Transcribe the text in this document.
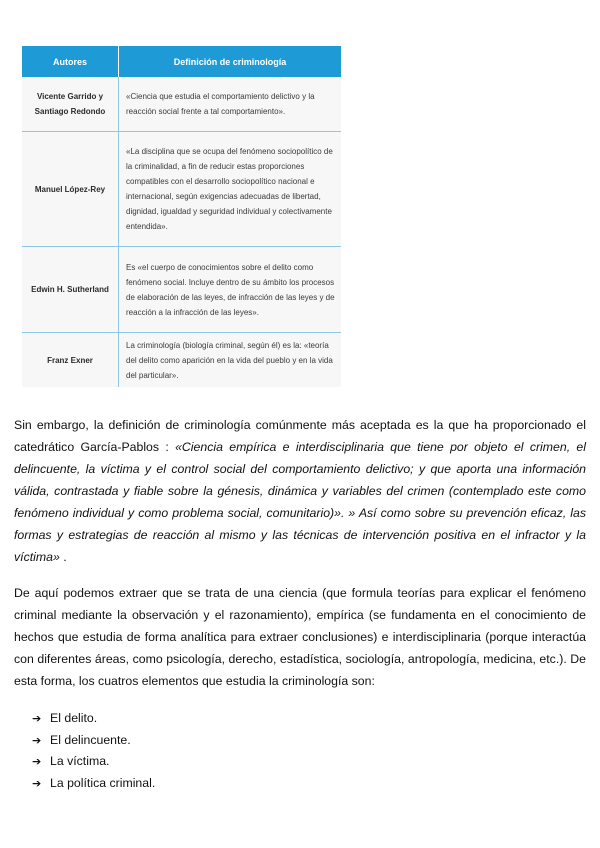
Autores	Definición de criminología
Vicente Garrido y Santiago Redondo	«Ciencia que estudia el comportamiento delictivo y la reacción social frente a tal comportamiento».
Manuel López-Rey	«La disciplina que se ocupa del fenómeno sociopolítico de la criminalidad, a fin de reducir estas proporciones compatibles con el desarrollo sociopolítico nacional e internacional, según exigencias adecuadas de libertad, dignidad, igualdad y seguridad individual y colectivamente entendida».
Edwin H. Sutherland	Es «el cuerpo de conocimientos sobre el delito como fenómeno social. Incluye dentro de su ámbito los procesos de elaboración de las leyes, de infracción de las leyes y de reacción a la infracción de las leyes».
Franz Exner	La criminología (biología criminal, según él) es la: «teoría del delito como aparición en la vida del pueblo y en la vida del particular».

Sin embargo, la definición de criminología comúnmente más aceptada es la que ha proporcionado el catedrático García-Pablos : «Ciencia empírica e interdisciplinaria que tiene por objeto el crimen, el delincuente, la víctima y el control social del comportamiento delictivo; y que aporta una información válida, contrastada y fiable sobre la génesis, dinámica y variables del crimen (contemplado este como fenómeno individual y como problema social, comunitario)». » Así como sobre su prevención eficaz, las formas y estrategias de reacción al mismo y las técnicas de intervención positiva en el infractor y la víctima» .

De aquí podemos extraer que se trata de una ciencia (que formula teorías para explicar el fenómeno criminal mediante la observación y el razonamiento), empírica (se fundamenta en el conocimiento de hechos que estudia de forma analítica para extraer conclusiones) e interdisciplinaria (porque interactúa con diferentes áreas, como psicología, derecho, estadística, sociología, antropología, medicina, etc.). De esta forma, los cuatros elementos que estudia la criminología son:

➔ El delito.
➔ El delincuente.
➔ La víctima.
➔ La política criminal.
